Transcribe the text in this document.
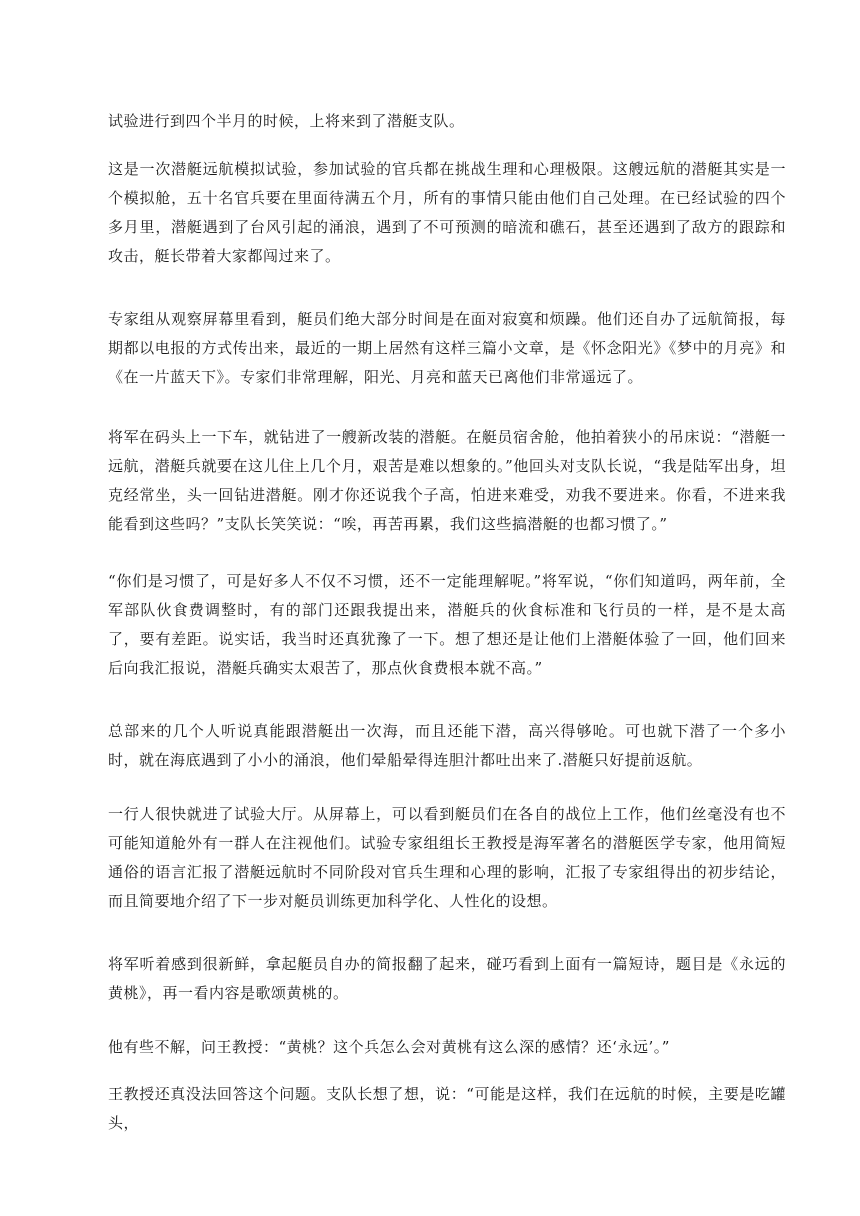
试验进行到四个半月的时候，上将来到了潜艇支队。

这是一次潜艇远航模拟试验，参加试验的官兵都在挑战生理和心理极限。这艘远航的潜艇其实是一个模拟舱，五十名官兵要在里面待满五个月，所有的事情只能由他们自己处理。在已经试验的四个多月里，潜艇遇到了台风引起的涌浪，遇到了不可预测的暗流和礁石，甚至还遇到了敌方的跟踪和攻击，艇长带着大家都闯过来了。

专家组从观察屏幕里看到，艇员们绝大部分时间是在面对寂寞和烦躁。他们还自办了远航简报，每期都以电报的方式传出来，最近的一期上居然有这样三篇小文章，是《怀念阳光》《梦中的月亮》和《在一片蓝天下》。专家们非常理解，阳光、月亮和蓝天已离他们非常遥远了。

将军在码头上一下车，就钻进了一艘新改装的潜艇。在艇员宿舍舱，他拍着狭小的吊床说：“潜艇一远航，潜艇兵就要在这儿住上几个月，艰苦是难以想象的。”他回头对支队长说，“我是陆军出身，坦克经常坐，头一回钻进潜艇。刚才你还说我个子高，怕进来难受，劝我不要进来。你看，不进来我能看到这些吗？”支队长笑笑说：“唉，再苦再累，我们这些搞潜艇的也都习惯了。”

“你们是习惯了，可是好多人不仅不习惯，还不一定能理解呢。”将军说，“你们知道吗，两年前，全军部队伙食费调整时，有的部门还跟我提出来，潜艇兵的伙食标准和飞行员的一样，是不是太高了，要有差距。说实话，我当时还真犹豫了一下。想了想还是让他们上潜艇体验了一回，他们回来后向我汇报说，潜艇兵确实太艰苦了，那点伙食费根本就不高。”

总部来的几个人听说真能跟潜艇出一次海，而且还能下潜，高兴得够呛。可也就下潜了一个多小时，就在海底遇到了小小的涌浪，他们晕船晕得连胆汁都吐出来了.潜艇只好提前返航。

一行人很快就进了试验大厅。从屏幕上，可以看到艇员们在各自的战位上工作，他们丝毫没有也不可能知道舱外有一群人在注视他们。试验专家组组长王教授是海军著名的潜艇医学专家，他用简短通俗的语言汇报了潜艇远航时不同阶段对官兵生理和心理的影响，汇报了专家组得出的初步结论，而且简要地介绍了下一步对艇员训练更加科学化、人性化的设想。

将军听着感到很新鲜，拿起艇员自办的简报翻了起来，碰巧看到上面有一篇短诗，题目是《永远的黄桃》，再一看内容是歌颂黄桃的。

他有些不解，问王教授：“黄桃？这个兵怎么会对黄桃有这么深的感情？还‘永远’。”

王教授还真没法回答这个问题。支队长想了想，说：“可能是这样，我们在远航的时候，主要是吃罐头，
